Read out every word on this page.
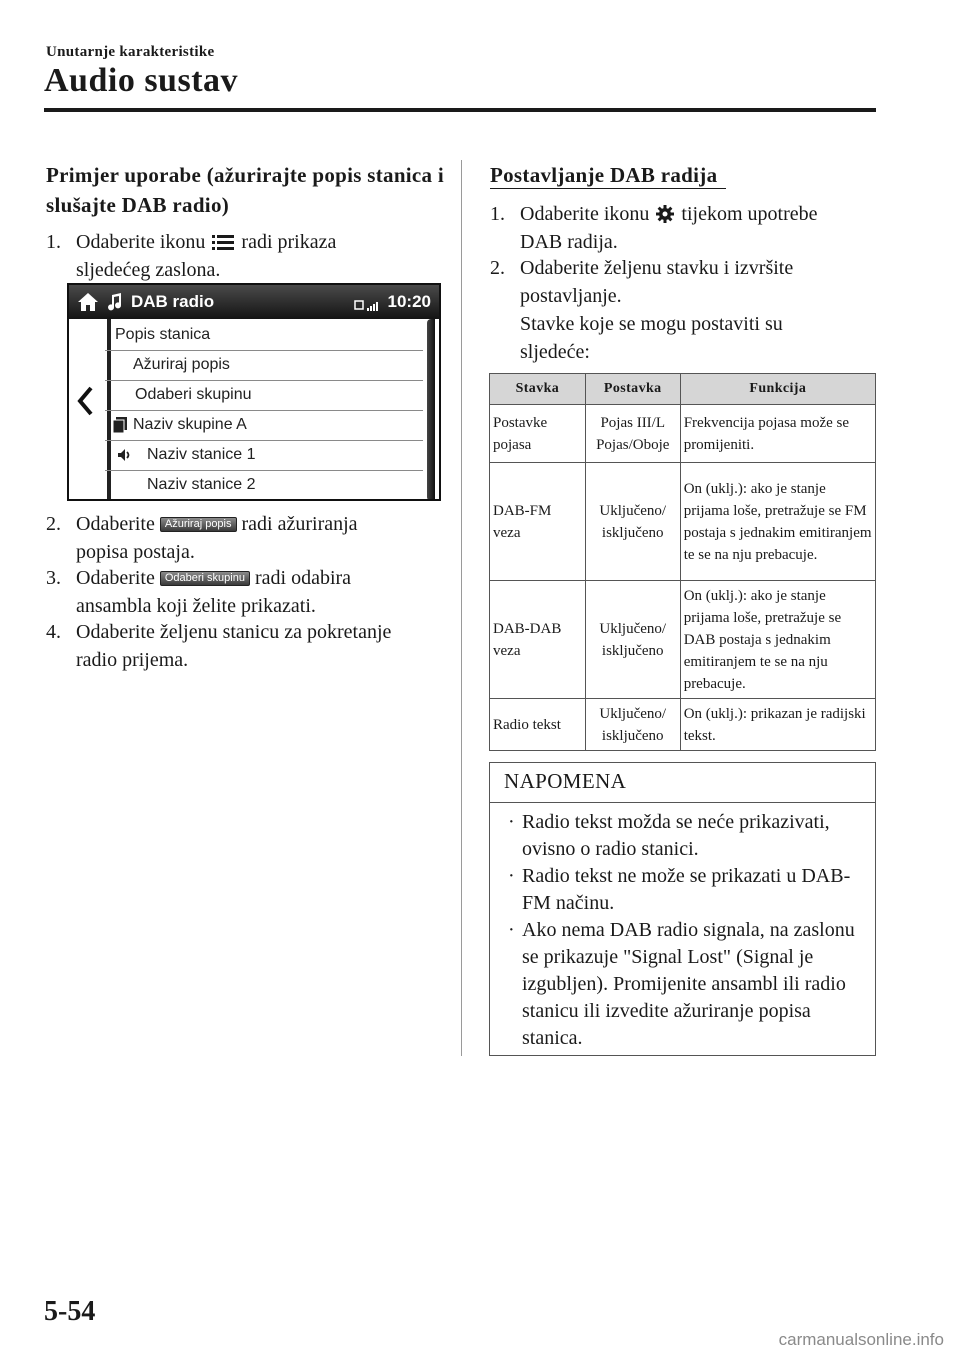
Unutarnje karakteristike
Audio sustav
Primjer uporabe (ažurirajte popis stanica i slušajte DAB radio)
1. Odaberite ikonu radi prikaza
sljedećeg zaslona.
DAB radio	10:20
Popis stanica
Ažuriraj popis
Odaberi skupinu
Naziv skupine A
Naziv stanice 1
Naziv stanice 2
2. Odaberite Ažuriraj popis radi ažuriranja
popisa postaja.
3. Odaberite Odaberi skupinu radi odabira
ansambla koji želite prikazati.
4. Odaberite željenu stanicu za pokretanje
radio prijema.
Postavljanje DAB radija
1. Odaberite ikonu tijekom upotrebe
DAB radija.
2. Odaberite željenu stavku i izvršite
postavljanje.
Stavke koje se mogu postaviti su
sljedeće:
Stavka	Postavka	Funkcija
Postavke pojasa	Pojas III/L Pojas/Oboje	Frekvencija pojasa može se promijeniti.
DAB-FM veza	Uključeno/ isključeno	On (uklj.): ako je stanje prijama loše, pretražuje se FM postaja s jednakim emitiranjem te se na nju prebacuje.
DAB-DAB veza	Uključeno/ isključeno	On (uklj.): ako je stanje prijama loše, pretražuje se DAB postaja s jednakim emitiranjem te se na nju prebacuje.
Radio tekst	Uključeno/ isključeno	On (uklj.): prikazan je radijski tekst.
NAPOMENA
· Radio tekst možda se neće prikazivati, ovisno o radio stanici.
· Radio tekst ne može se prikazati u DAB-FM načinu.
· Ako nema DAB radio signala, na zaslonu se prikazuje "Signal Lost" (Signal je izgubljen). Promijenite ansambl ili radio stanicu ili izvedite ažuriranje popisa stanica.
5-54
carmanualsonline.info
